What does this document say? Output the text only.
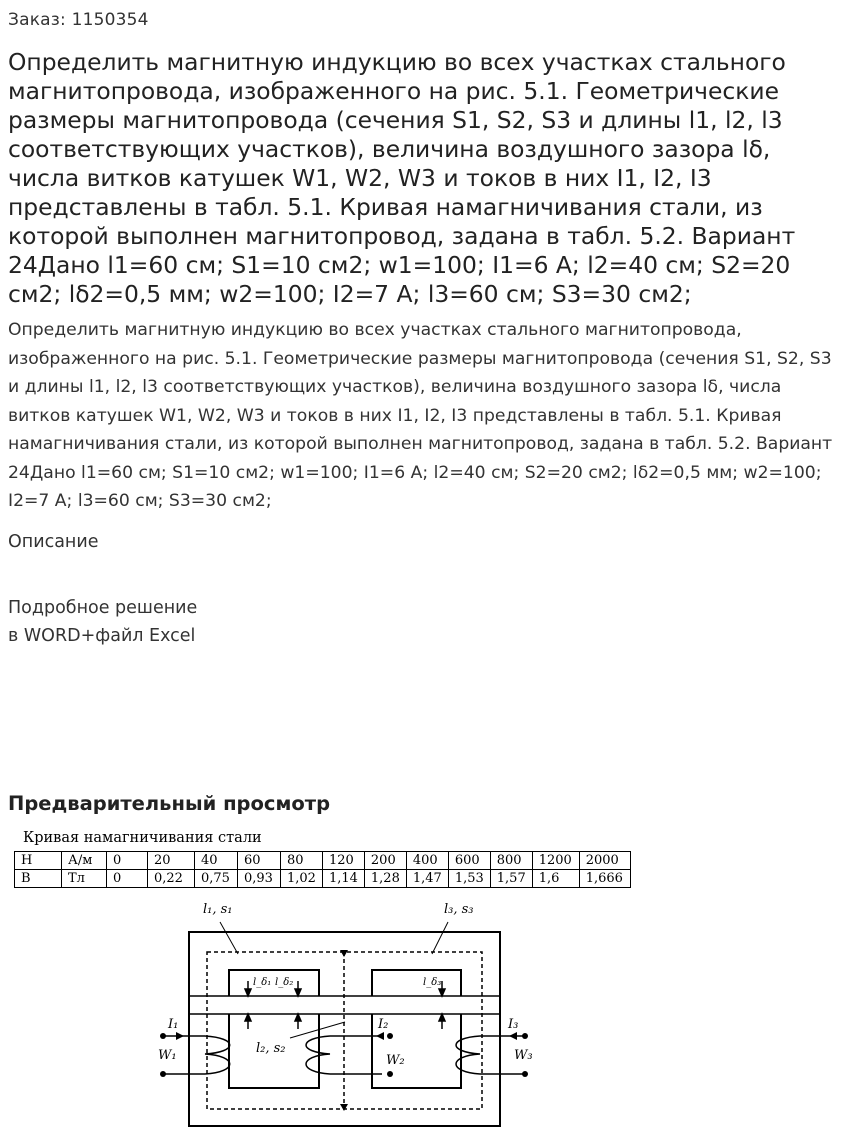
Заказ: 1150354
Определить магнитную индукцию во всех участках стального магнитопровода, изображенного на рис. 5.1. Геометрические размеры магнитопровода (сечения S1, S2, S3 и длины l1, l2, l3 соответствующих участков), величина воздушного зазора lδ, числа витков катушек W1, W2, W3 и токов в них I1, I2, I3 представлены в табл. 5.1. Кривая намагничивания стали, из которой выполнен магнитопровод, задана в табл. 5.2. Вариант 24Дано l1=60 см; S1=10 см2; w1=100; I1=6 А; l2=40 см; S2=20 см2; lδ2=0,5 мм; w2=100; I2=7 А; l3=60 см; S3=30 см2;
Определить магнитную индукцию во всех участках стального магнитопровода, изображенного на рис. 5.1. Геометрические размеры магнитопровода (сечения S1, S2, S3 и длины l1, l2, l3 соответствующих участков), величина воздушного зазора lδ, числа витков катушек W1, W2, W3 и токов в них I1, I2, I3 представлены в табл. 5.1. Кривая намагничивания стали, из которой выполнен магнитопровод, задана в табл. 5.2. Вариант 24Дано l1=60 см; S1=10 см2; w1=100; I1=6 А; l2=40 см; S2=20 см2; lδ2=0,5 мм; w2=100; I2=7 А; l3=60 см; S3=30 см2;
Описание
Подробное решение
в WORD+файл Excel
Предварительный просмотр
Кривая намагничивания стали
H	А/м	0	20	40	60	80	120	200	400	600	800	1200	2000
B	Тл	0	0,22	0,75	0,93	1,02	1,14	1,28	1,47	1,53	1,57	1,6	1,666
l₁, s₁	l₃, s₃
l₂, s₂
l_δ₁ l_δ₂	l_δ₃
I₁	I₂	I₃
W₁	W₂	W₃
